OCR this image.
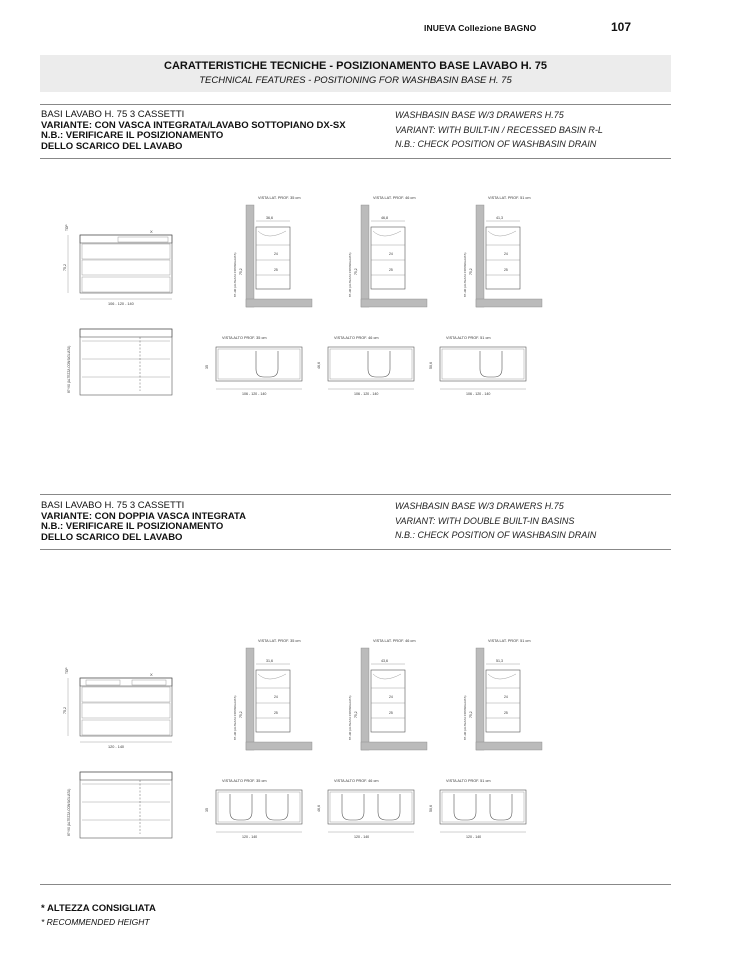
INUEVA Collezione BAGNO	107
CARATTERISTICHE TECNICHE - POSIZIONAMENTO BASE LAVABO H. 75
TECHNICAL FEATURES - POSITIONING FOR WASHBASIN BASE H. 75
BASI LAVABO H. 75 3 CASSETTI
VARIANTE: CON VASCA INTEGRATA/LAVABO SOTTOPIANO DX-SX
N.B.: VERIFICARE IL POSIZIONAMENTO
DELLO SCARICO DEL LAVABO
WASHBASIN BASE W/3 DRAWERS H.75
VARIANT: WITH BUILT-IN / RECESSED BASIN R-L
N.B.: CHECK POSITION OF WASHBASIN DRAIN
75,2
TOP
106 - 120 - 140
X
87÷90 (ALTEZZA CONSIGLIATA)
VISTA LAT. PROF. 35 cm
36,6
24
25
75,2
87÷90 (ALTEZZA CONSIGLIATA)
VISTA LAT. PROF. 46 cm
46,8
24
25
75,2
87÷90 (ALTEZZA CONSIGLIATA)
VISTA LAT. PROF. 51 cm
41,3
24
25
75,2
87÷90 (ALTEZZA CONSIGLIATA)
VISTA ALTO PROF. 35 cm
106 - 120 - 140
35
VISTA ALTO PROF. 46 cm
106 - 120 - 140
46,6
VISTA ALTO PROF. 51 cm
106 - 120 - 140
50,6
BASI LAVABO H. 75 3 CASSETTI
VARIANTE: CON DOPPIA VASCA INTEGRATA
N.B.: VERIFICARE IL POSIZIONAMENTO
DELLO SCARICO DEL LAVABO
WASHBASIN BASE W/3 DRAWERS H.75
VARIANT: WITH DOUBLE BUILT-IN BASINS
N.B.: CHECK POSITION OF WASHBASIN DRAIN
75,2
TOP
120 - 140
X
87÷90 (ALTEZZA CONSIGLIATA)
VISTA LAT. PROF. 35 cm
31,6
24
25
75,2
87÷90 (ALTEZZA CONSIGLIATA)
VISTA LAT. PROF. 46 cm
43,6
24
25
75,2
87÷90 (ALTEZZA CONSIGLIATA)
VISTA LAT. PROF. 51 cm
51,3
24
25
75,2
87÷90 (ALTEZZA CONSIGLIATA)
VISTA ALTO PROF. 35 cm
120 - 140
35
VISTA ALTO PROF. 46 cm
120 - 140
46,6
VISTA ALTO PROF. 51 cm
120 - 140
50,6
* ALTEZZA CONSIGLIATA
* RECOMMENDED HEIGHT
